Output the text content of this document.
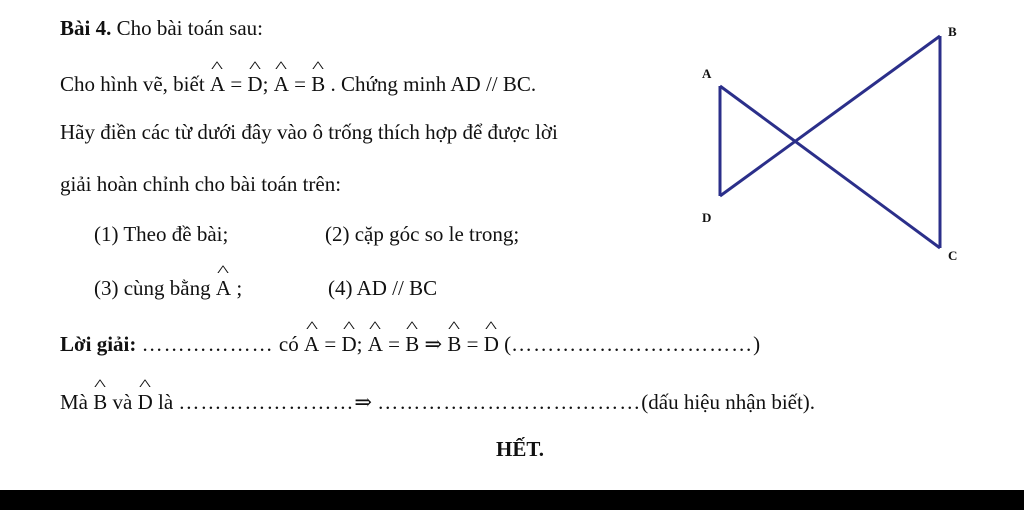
Bài 4. Cho bài toán sau:
Cho hình vẽ, biết ^ A = ^ D; ^ A = ^ B . Chứng minh AD // BC.
Hãy điền các từ dưới đây vào ô trống thích hợp để được lời
giải hoàn chỉnh cho bài toán trên:
(1) Theo đề bài;	(2) cặp góc so le trong;
(3) cùng bằng ^ A ;	(4) AD // BC
Lời giải: ……………… có ^ A = ^ D; ^ A = ^ B ⇒ ^ B = ^ D (……………………………)
Mà ^ B và ^ D là ……………………⇒ ………………………………(dấu hiệu nhận biết).
HẾT.
A
B
C
D
